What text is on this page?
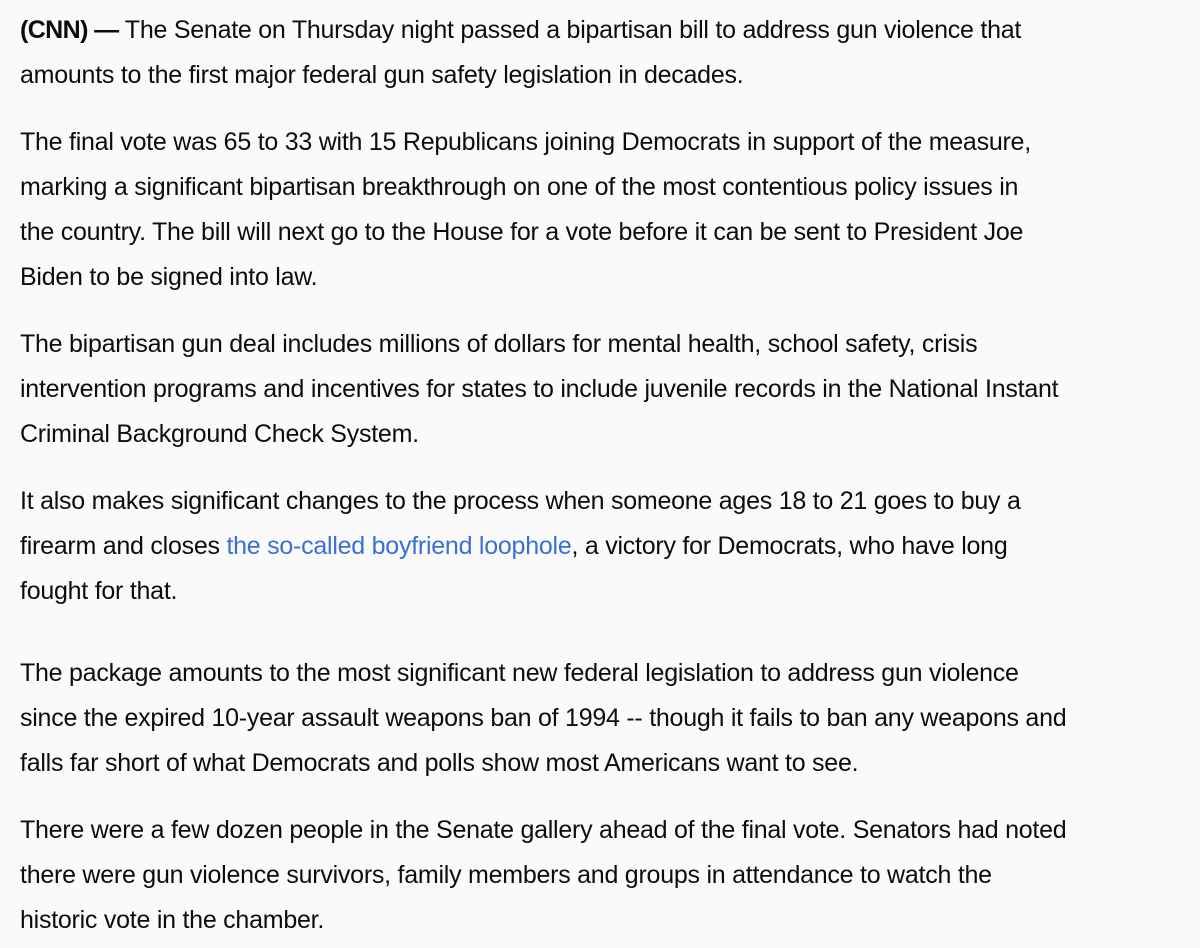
(CNN) — The Senate on Thursday night passed a bipartisan bill to address gun violence that
amounts to the first major federal gun safety legislation in decades.

The final vote was 65 to 33 with 15 Republicans joining Democrats in support of the measure,
marking a significant bipartisan breakthrough on one of the most contentious policy issues in
the country. The bill will next go to the House for a vote before it can be sent to President Joe
Biden to be signed into law.

The bipartisan gun deal includes millions of dollars for mental health, school safety, crisis
intervention programs and incentives for states to include juvenile records in the National Instant
Criminal Background Check System.

It also makes significant changes to the process when someone ages 18 to 21 goes to buy a
firearm and closes the so-called boyfriend loophole, a victory for Democrats, who have long
fought for that.

The package amounts to the most significant new federal legislation to address gun violence
since the expired 10-year assault weapons ban of 1994 -- though it fails to ban any weapons and
falls far short of what Democrats and polls show most Americans want to see.

There were a few dozen people in the Senate gallery ahead of the final vote. Senators had noted
there were gun violence survivors, family members and groups in attendance to watch the
historic vote in the chamber.
